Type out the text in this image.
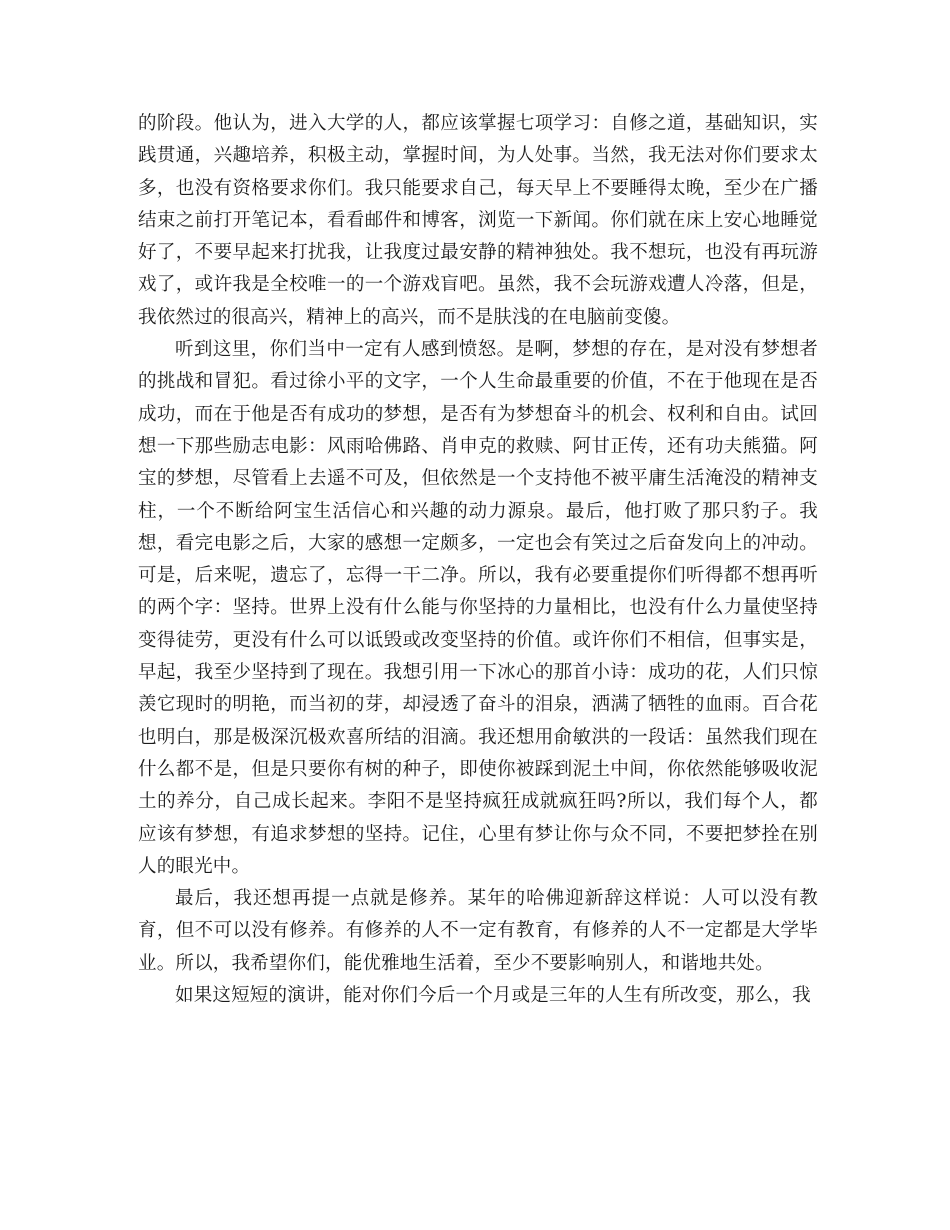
的阶段。他认为，进入大学的人，都应该掌握七项学习：自修之道，基础知识，实践贯通，兴趣培养，积极主动，掌握时间，为人处事。当然，我无法对你们要求太多，也没有资格要求你们。我只能要求自己，每天早上不要睡得太晚，至少在广播结束之前打开笔记本，看看邮件和博客，浏览一下新闻。你们就在床上安心地睡觉好了，不要早起来打扰我，让我度过最安静的精神独处。我不想玩，也没有再玩游戏了，或许我是全校唯一的一个游戏盲吧。虽然，我不会玩游戏遭人冷落，但是，我依然过的很高兴，精神上的高兴，而不是肤浅的在电脑前变傻。

听到这里，你们当中一定有人感到愤怒。是啊，梦想的存在，是对没有梦想者的挑战和冒犯。看过徐小平的文字，一个人生命最重要的价值，不在于他现在是否成功，而在于他是否有成功的梦想，是否有为梦想奋斗的机会、权利和自由。试回想一下那些励志电影：风雨哈佛路、肖申克的救赎、阿甘正传，还有功夫熊猫。阿宝的梦想，尽管看上去遥不可及，但依然是一个支持他不被平庸生活淹没的精神支柱，一个不断给阿宝生活信心和兴趣的动力源泉。最后，他打败了那只豹子。我想，看完电影之后，大家的感想一定颇多，一定也会有笑过之后奋发向上的冲动。可是，后来呢，遗忘了，忘得一干二净。所以，我有必要重提你们听得都不想再听的两个字：坚持。世界上没有什么能与你坚持的力量相比，也没有什么力量使坚持变得徒劳，更没有什么可以诋毁或改变坚持的价值。或许你们不相信，但事实是，早起，我至少坚持到了现在。我想引用一下冰心的那首小诗：成功的花，人们只惊羡它现时的明艳，而当初的芽，却浸透了奋斗的泪泉，洒满了牺牲的血雨。百合花也明白，那是极深沉极欢喜所结的泪滴。我还想用俞敏洪的一段话：虽然我们现在什么都不是，但是只要你有树的种子，即使你被踩到泥土中间，你依然能够吸收泥土的养分，自己成长起来。李阳不是坚持疯狂成就疯狂吗?所以，我们每个人，都应该有梦想，有追求梦想的坚持。记住，心里有梦让你与众不同，不要把梦拴在别人的眼光中。

最后，我还想再提一点就是修养。某年的哈佛迎新辞这样说：人可以没有教育，但不可以没有修养。有修养的人不一定有教育，有修养的人不一定都是大学毕业。所以，我希望你们，能优雅地生活着，至少不要影响别人，和谐地共处。

如果这短短的演讲，能对你们今后一个月或是三年的人生有所改变，那么，我
